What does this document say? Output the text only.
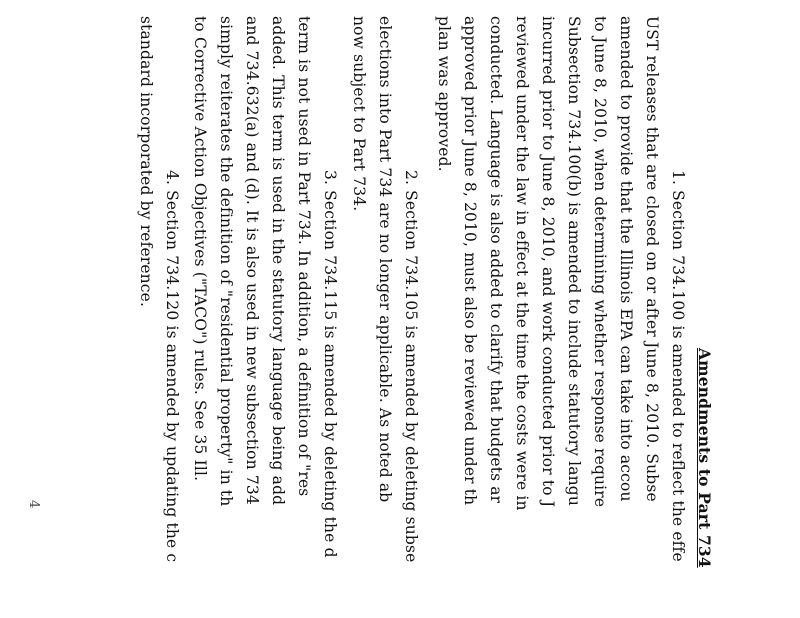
Amendments to Part 734
1. Section 734.100 is amended to reflect the effe
UST releases that are closed on or after June 8, 2010. Subse
amended to provide that the Illinois EPA can take into accou
to June 8, 2010, when determining whether response require
Subsection 734.100(b) is amended to include statutory langu
incurred prior to June 8, 2010, and work conducted prior to J
reviewed under the law in effect at the time the costs were in
conducted. Language is also added to clarify that budgets ar
approved prior June 8, 2010, must also be reviewed under th
plan was approved.
2. Section 734.105 is amended by deleting subse
elections into Part 734 are no longer applicable. As noted ab
now subject to Part 734.
3. Section 734.115 is amended by deleting the d
term is not used in Part 734. In addition, a definition of "res
added. This term is used in the statutory language being add
and 734.632(a) and (d). It is also used in new subsection 734
simply reiterates the definition of "residential property" in th
to Corrective Action Objectives ("TACO") rules. See 35 Ill.
4. Section 734.120 is amended by updating the c
standard incorporated by reference.
4
